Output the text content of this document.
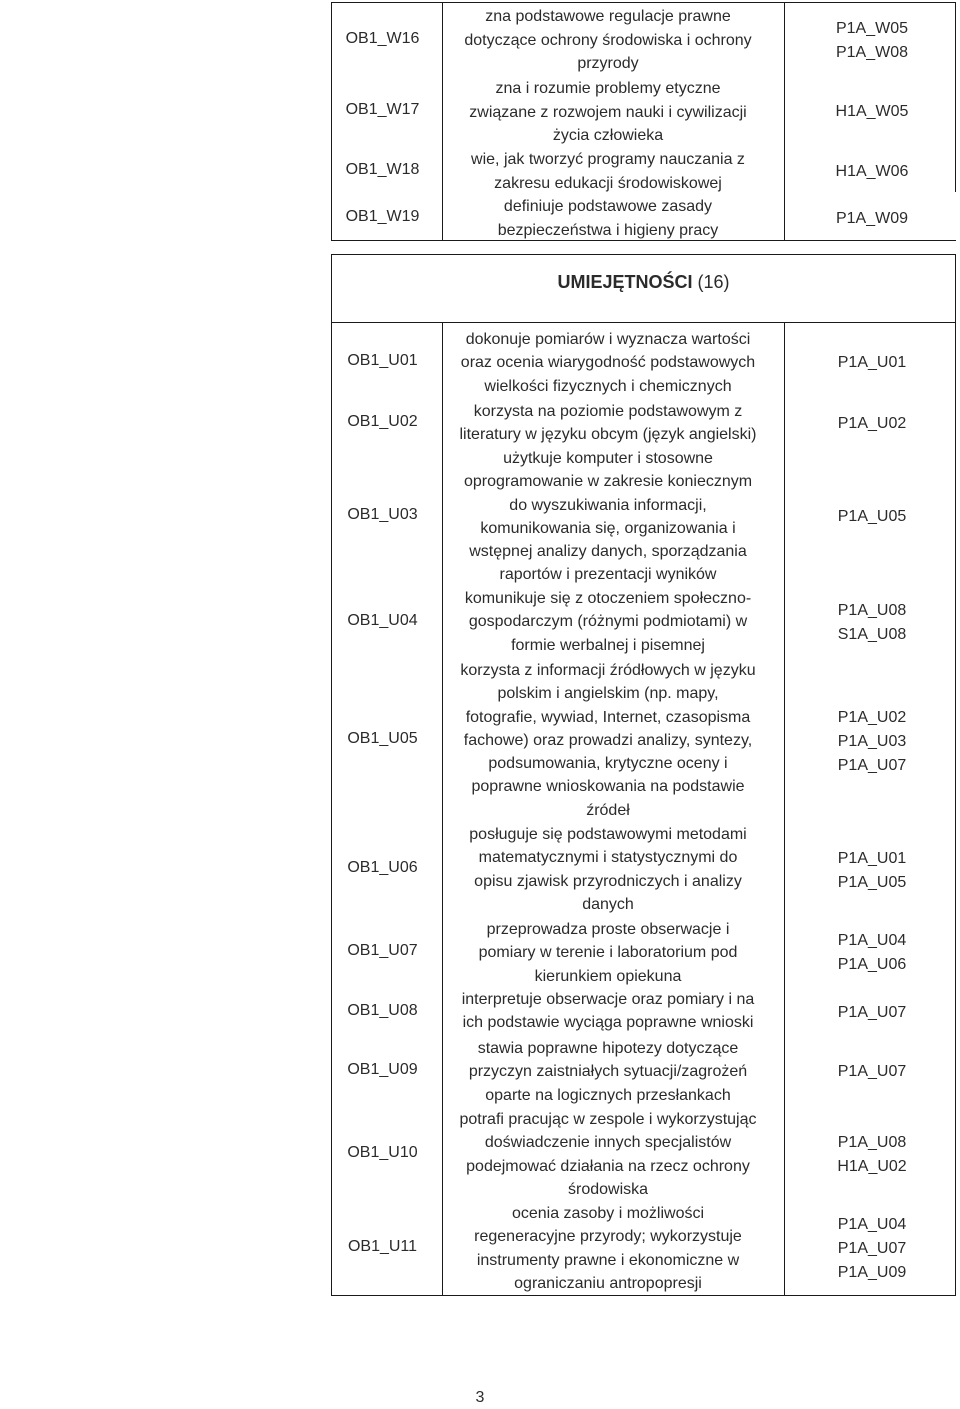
UMIEJĘTNOŚCI (16)
OB1_W16
zna podstawowe regulacje prawne
dotyczące ochrony środowiska i ochrony
przyrody
P1A_W05
P1A_W08
OB1_W17
zna i rozumie problemy etyczne
związane z rozwojem nauki i cywilizacji
życia człowieka
H1A_W05
OB1_W18
wie, jak tworzyć programy nauczania z
zakresu edukacji środowiskowej
H1A_W06
OB1_W19
definiuje podstawowe zasady
bezpieczeństwa i higieny pracy
P1A_W09
OB1_U01
dokonuje pomiarów i wyznacza wartości
oraz ocenia wiarygodność podstawowych
wielkości fizycznych i chemicznych
P1A_U01
OB1_U02
korzysta na poziomie podstawowym z
literatury w języku obcym (język angielski)
P1A_U02
OB1_U03
użytkuje komputer i stosowne
oprogramowanie w zakresie koniecznym
do wyszukiwania informacji,
komunikowania się, organizowania i
wstępnej analizy danych, sporządzania
raportów i prezentacji wyników
P1A_U05
OB1_U04
komunikuje się z otoczeniem społeczno-
gospodarczym (różnymi podmiotami) w
formie werbalnej i pisemnej
P1A_U08
S1A_U08
OB1_U05
korzysta z informacji źródłowych w języku
polskim i angielskim (np. mapy,
fotografie, wywiad, Internet, czasopisma
fachowe) oraz prowadzi analizy, syntezy,
podsumowania, krytyczne oceny i
poprawne wnioskowania na podstawie
źródeł
P1A_U02
P1A_U03
P1A_U07
OB1_U06
posługuje się podstawowymi metodami
matematycznymi i statystycznymi do
opisu zjawisk przyrodniczych i analizy
danych
P1A_U01
P1A_U05
OB1_U07
przeprowadza proste obserwacje i
pomiary w terenie i laboratorium pod
kierunkiem opiekuna
P1A_U04
P1A_U06
OB1_U08
interpretuje obserwacje oraz pomiary i na
ich podstawie wyciąga poprawne wnioski
P1A_U07
OB1_U09
stawia poprawne hipotezy dotyczące
przyczyn zaistniałych sytuacji/zagrożeń
oparte na logicznych przesłankach
P1A_U07
OB1_U10
potrafi pracując w zespole i wykorzystując
doświadczenie innych specjalistów
podejmować działania na rzecz ochrony
środowiska
P1A_U08
H1A_U02
OB1_U11
ocenia zasoby i możliwości
regeneracyjne przyrody; wykorzystuje
instrumenty prawne i ekonomiczne w
ograniczaniu antropopresji
P1A_U04
P1A_U07
P1A_U09
3
